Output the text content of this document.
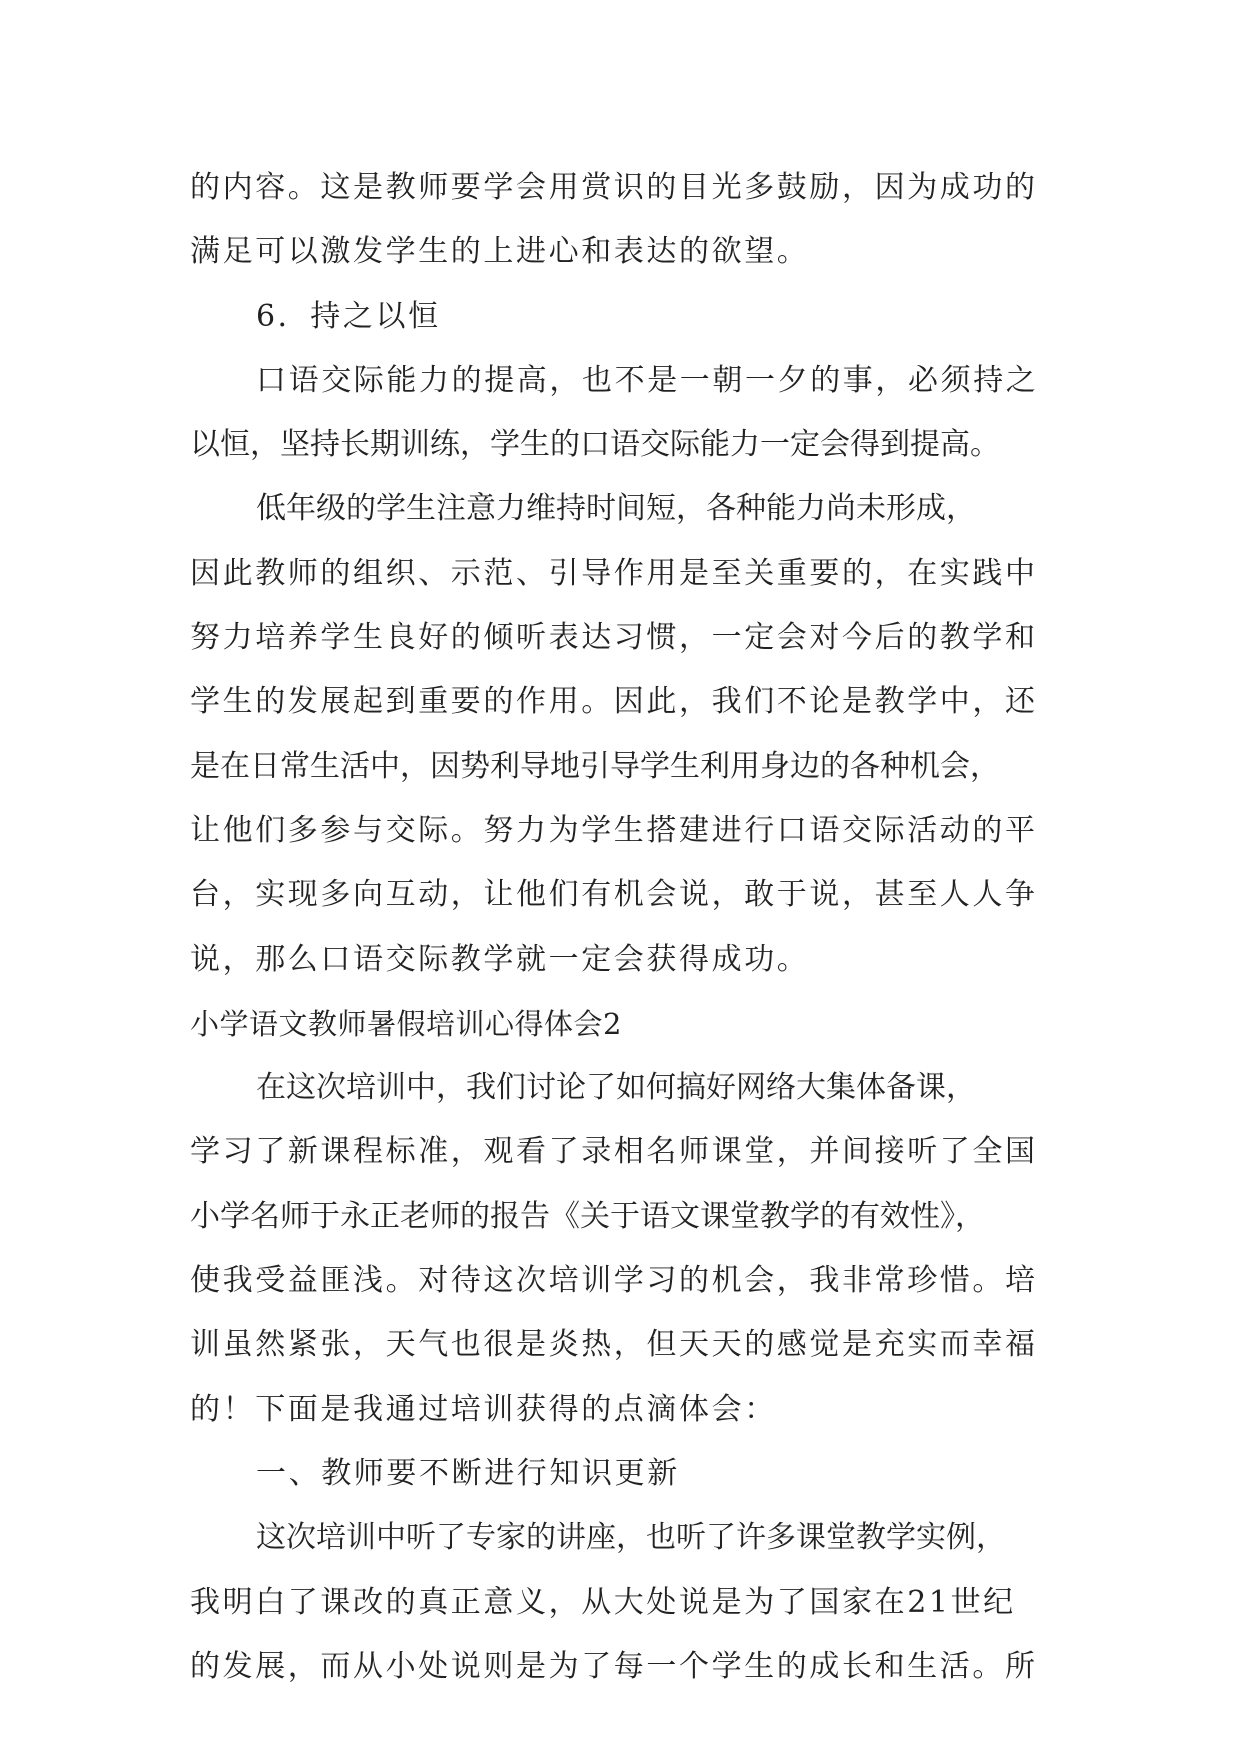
的内容。这是教师要学会用赏识的目光多鼓励，因为成功的
满足可以激发学生的上进心和表达的欲望。
6．持之以恒
口语交际能力的提高，也不是一朝一夕的事，必须持之
以恒，坚持长期训练，学生的口语交际能力一定会得到提高。
低年级的学生注意力维持时间短，各种能力尚未形成，
因此教师的组织、示范、引导作用是至关重要的，在实践中
努力培养学生良好的倾听表达习惯，一定会对今后的教学和
学生的发展起到重要的作用。因此，我们不论是教学中，还
是在日常生活中，因势利导地引导学生利用身边的各种机会，
让他们多参与交际。努力为学生搭建进行口语交际活动的平
台，实现多向互动，让他们有机会说，敢于说，甚至人人争
说，那么口语交际教学就一定会获得成功。
小学语文教师暑假培训心得体会2
在这次培训中，我们讨论了如何搞好网络大集体备课，
学习了新课程标准，观看了录相名师课堂，并间接听了全国
小学名师于永正老师的报告《关于语文课堂教学的有效性》，
使我受益匪浅。对待这次培训学习的机会，我非常珍惜。培
训虽然紧张，天气也很是炎热，但天天的感觉是充实而幸福
的！下面是我通过培训获得的点滴体会：
一、教师要不断进行知识更新
这次培训中听了专家的讲座，也听了许多课堂教学实例，
我明白了课改的真正意义，从大处说是为了国家在21世纪
的发展，而从小处说则是为了每一个学生的成长和生活。所
